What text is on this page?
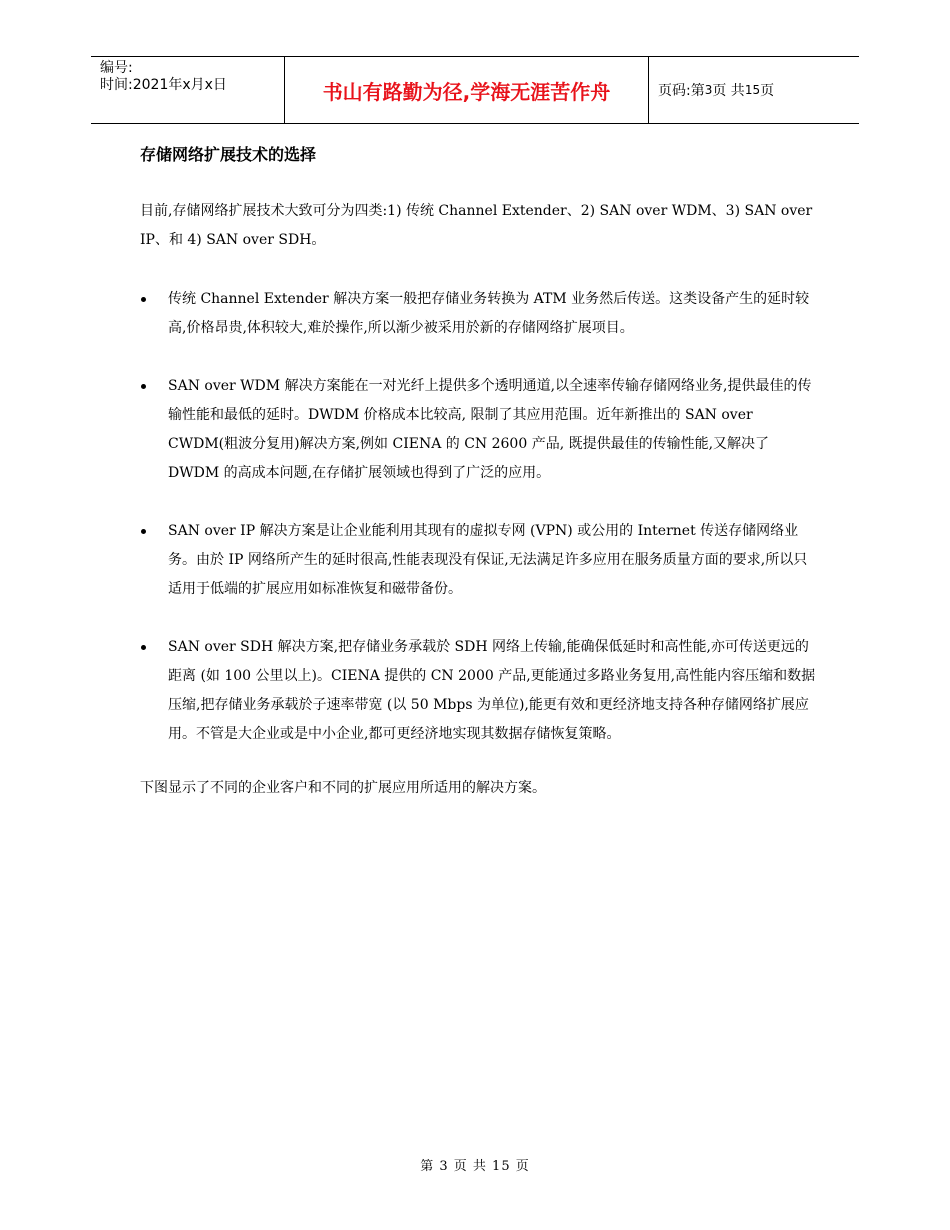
编号:
时间:2021年x月x日	书山有路勤为径,学海无涯苦作舟	页码:第 3 页 共 15 页
存储网络扩展技术的选择

目前,存储网络扩展技术大致可分为四类:1) 传统 Channel Extender、2) SAN over WDM、3) SAN over IP、和 4) SAN over SDH。

传统 Channel Extender 解决方案一般把存储业务转换为 ATM 业务然后传送。这类设备产生的延时较高,价格昂贵,体积较大,难於操作,所以渐少被采用於新的存储网络扩展项目。
SAN over WDM 解决方案能在一对光纤上提供多个透明通道,以全速率传输存储网络业务,提供最佳的传输性能和最低的延时。DWDM 价格成本比较高, 限制了其应用范围。近年新推出的 SAN over CWDM(粗波分复用)解决方案,例如 CIENA 的 CN 2600 产品, 既提供最佳的传输性能,又解决了 DWDM 的高成本问题,在存储扩展领域也得到了广泛的应用。
SAN over IP 解决方案是让企业能利用其现有的虚拟专网 (VPN) 或公用的 Internet 传送存储网络业务。由於 IP 网络所产生的延时很高,性能表现没有保证,无法满足许多应用在服务质量方面的要求,所以只适用于低端的扩展应用如标准恢复和磁带备份。
SAN over SDH 解决方案,把存储业务承载於 SDH 网络上传输,能确保低延时和高性能,亦可传送更远的距离 (如 100 公里以上)。CIENA 提供的 CN 2000 产品,更能通过多路业务复用,高性能内容压缩和数据压缩,把存储业务承载於子速率带宽 (以 50 Mbps 为单位),能更有效和更经济地支持各种存储网络扩展应用。不管是大企业或是中小企业,都可更经济地实现其数据存储恢复策略。

下图显示了不同的企业客户和不同的扩展应用所适用的解决方案。

第 3 页 共 15 页
